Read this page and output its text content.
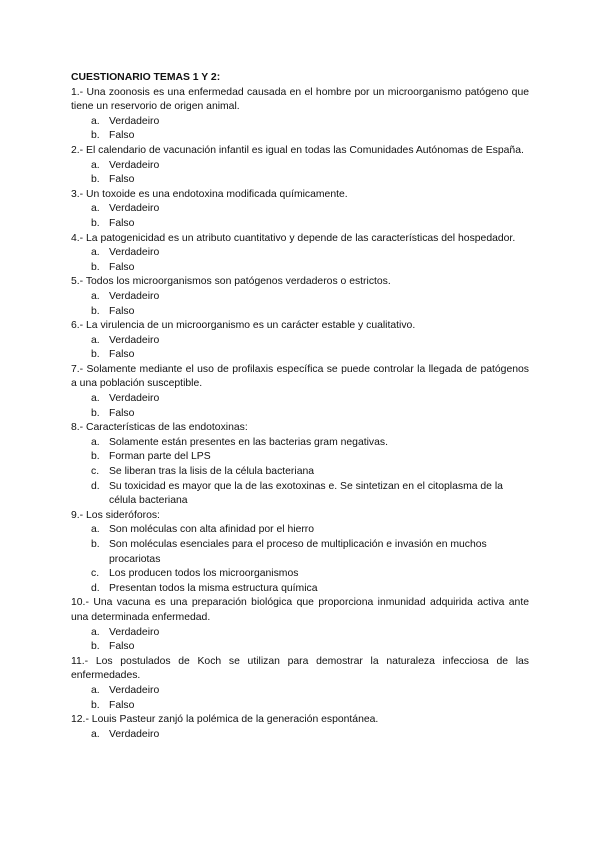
CUESTIONARIO TEMAS 1 Y 2:
1.- Una zoonosis es una enfermedad causada en el hombre por un microorganismo patógeno que tiene un reservorio de origen animal.
a. Verdadeiro
b. Falso
2.- El calendario de vacunación infantil es igual en todas las Comunidades Autónomas de España.
a. Verdadeiro
b. Falso
3.- Un toxoide es una endotoxina modificada químicamente.
a. Verdadeiro
b. Falso
4.- La patogenicidad es un atributo cuantitativo y depende de las características del hospedador.
a. Verdadeiro
b. Falso
5.- Todos los microorganismos son patógenos verdaderos o estrictos.
a. Verdadeiro
b. Falso
6.- La virulencia de un microorganismo es un carácter estable y cualitativo.
a. Verdadeiro
b. Falso
7.- Solamente mediante el uso de profilaxis específica se puede controlar la llegada de patógenos a una población susceptible.
a. Verdadeiro
b. Falso
8.- Características de las endotoxinas:
a. Solamente están presentes en las bacterias gram negativas.
b. Forman parte del LPS
c. Se liberan tras la lisis de la célula bacteriana
d. Su toxicidad es mayor que la de las exotoxinas e. Se sintetizan en el citoplasma de la célula bacteriana
9.- Los sideróforos:
a. Son moléculas con alta afinidad por el hierro
b. Son moléculas esenciales para el proceso de multiplicación e invasión en muchos procariotas
c. Los producen todos los microorganismos
d. Presentan todos la misma estructura química
10.- Una vacuna es una preparación biológica que proporciona inmunidad adquirida activa ante una determinada enfermedad.
a. Verdadeiro
b. Falso
11.- Los postulados de Koch se utilizan para demostrar la naturaleza infecciosa de las enfermedades.
a. Verdadeiro
b. Falso
12.- Louis Pasteur zanjó la polémica de la generación espontánea.
a. Verdadeiro
